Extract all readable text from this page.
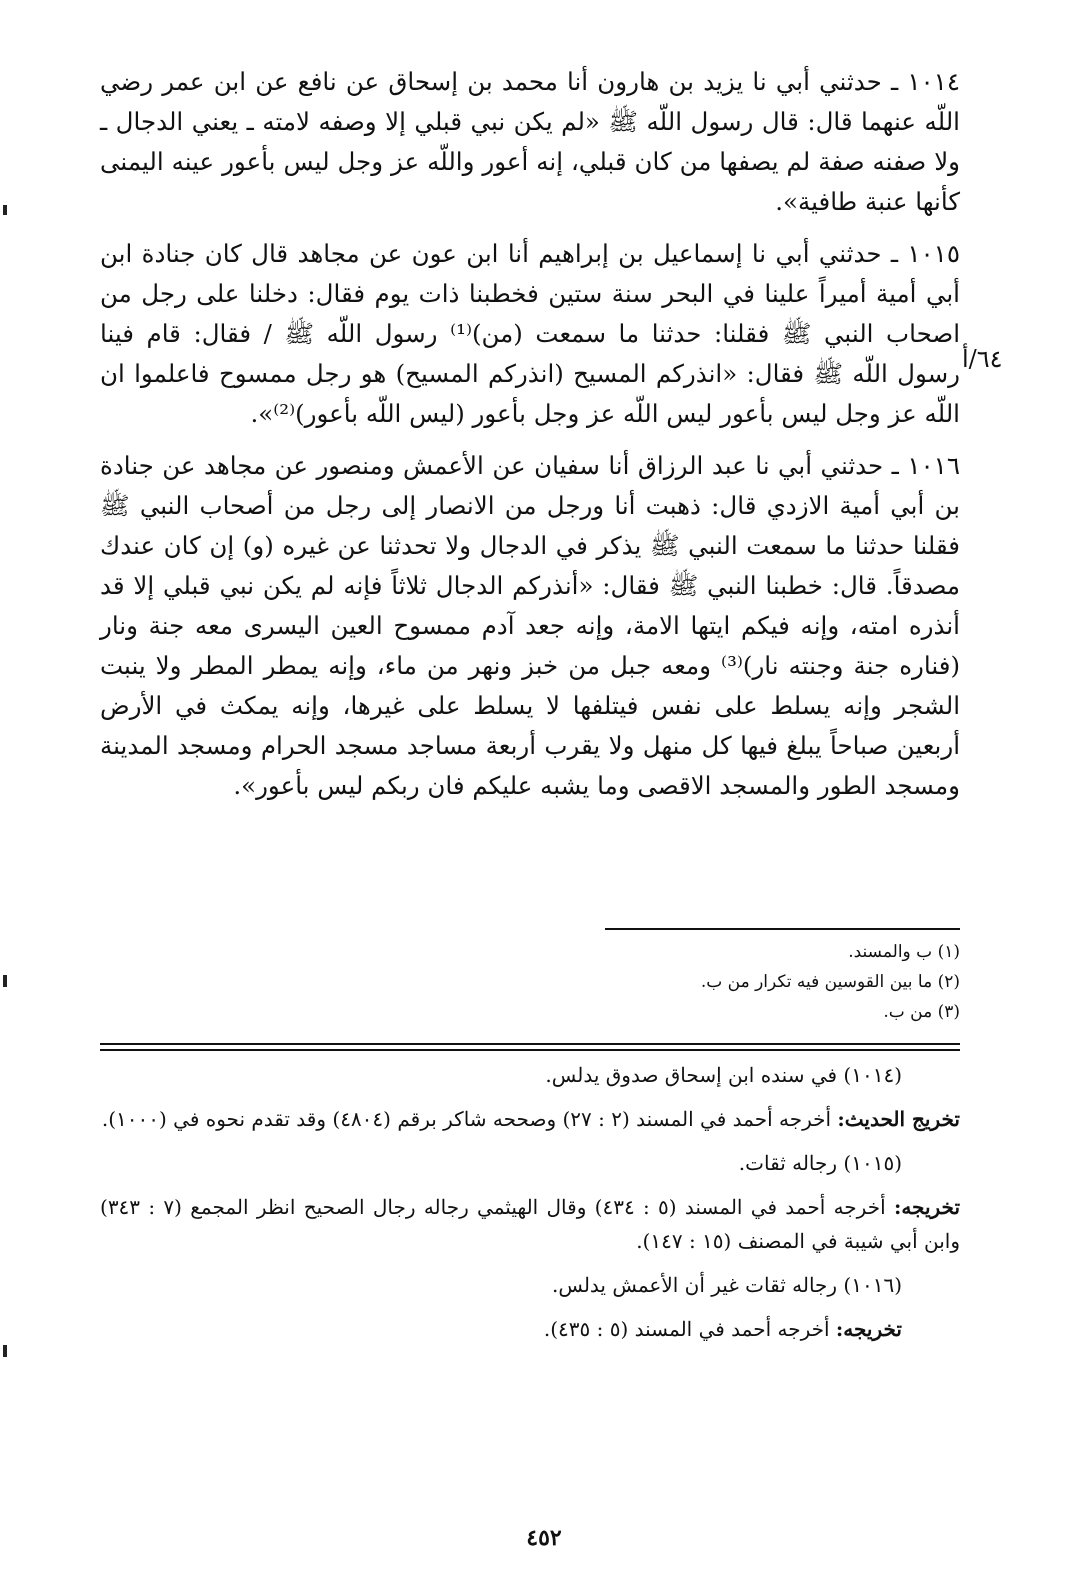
١٠١٤ ـ حدثني أبي نا يزيد بن هارون أنا محمد بن إسحاق عن نافع عن ابن عمر رضي اللّه عنهما قال: قال رسول اللّه ﷺ «لم يكن نبي قبلي إلا وصفه لامته ـ يعني الدجال ـ ولا صفنه صفة لم يصفها من كان قبلي، إنه أعور واللّه عز وجل ليس بأعور عينه اليمنى كأنها عنبة طافية».

١٠١٥ ـ حدثني أبي نا إسماعيل بن إبراهيم أنا ابن عون عن مجاهد قال كان جنادة ابن أبي أمية أميراً علينا في البحر سنة ستين فخطبنا ذات يوم فقال: دخلنا على رجل من اصحاب النبي ﷺ فقلنا: حدثنا ما سمعت (من)⁽¹⁾ رسول اللّه ﷺ / فقال: قام فينا رسول اللّه ﷺ فقال: «انذركم المسيح (انذركم المسيح) هو رجل ممسوح فاعلموا ان اللّه عز وجل ليس بأعور ليس اللّه عز وجل بأعور (ليس اللّه بأعور)⁽²⁾».

١٠١٦ ـ حدثني أبي نا عبد الرزاق أنا سفيان عن الأعمش ومنصور عن مجاهد عن جنادة بن أبي أمية الازدي قال: ذهبت أنا ورجل من الانصار إلى رجل من أصحاب النبي ﷺ فقلنا حدثنا ما سمعت النبي ﷺ يذكر في الدجال ولا تحدثنا عن غيره (و) إن كان عندك مصدقاً. قال: خطبنا النبي ﷺ فقال: «أنذركم الدجال ثلاثاً فإنه لم يكن نبي قبلي إلا قد أنذره امته، وإنه فيكم ايتها الامة، وإنه جعد آدم ممسوح العين اليسرى معه جنة ونار (فناره جنة وجنته نار)⁽³⁾ ومعه جبل من خبز ونهر من ماء، وإنه يمطر المطر ولا ينبت الشجر وإنه يسلط على نفس فيتلفها لا يسلط على غيرها، وإنه يمكث في الأرض أربعين صباحاً يبلغ فيها كل منهل ولا يقرب أربعة مساجد مسجد الحرام ومسجد المدينة ومسجد الطور والمسجد الاقصى وما يشبه عليكم فان ربكم ليس بأعور».

٦٤/أ
(١) ب والمسند.
(٢) ما بين القوسين فيه تكرار من ب.
(٣) من ب.

(١٠١٤) في سنده ابن إسحاق صدوق يدلس.

تخريج الحديث: أخرجه أحمد في المسند (٢ : ٢٧) وصححه شاكر برقم (٤٨٠٤) وقد تقدم نحوه في (١٠٠٠).

(١٠١٥) رجاله ثقات.

تخريجه: أخرجه أحمد في المسند (٥ : ٤٣٤) وقال الهيثمي رجاله رجال الصحيح انظر المجمع (٧ : ٣٤٣) وابن أبي شيبة في المصنف (١٥ : ١٤٧).

(١٠١٦) رجاله ثقات غير أن الأعمش يدلس.

تخريجه: أخرجه أحمد في المسند (٥ : ٤٣٥).

٤٥٢
